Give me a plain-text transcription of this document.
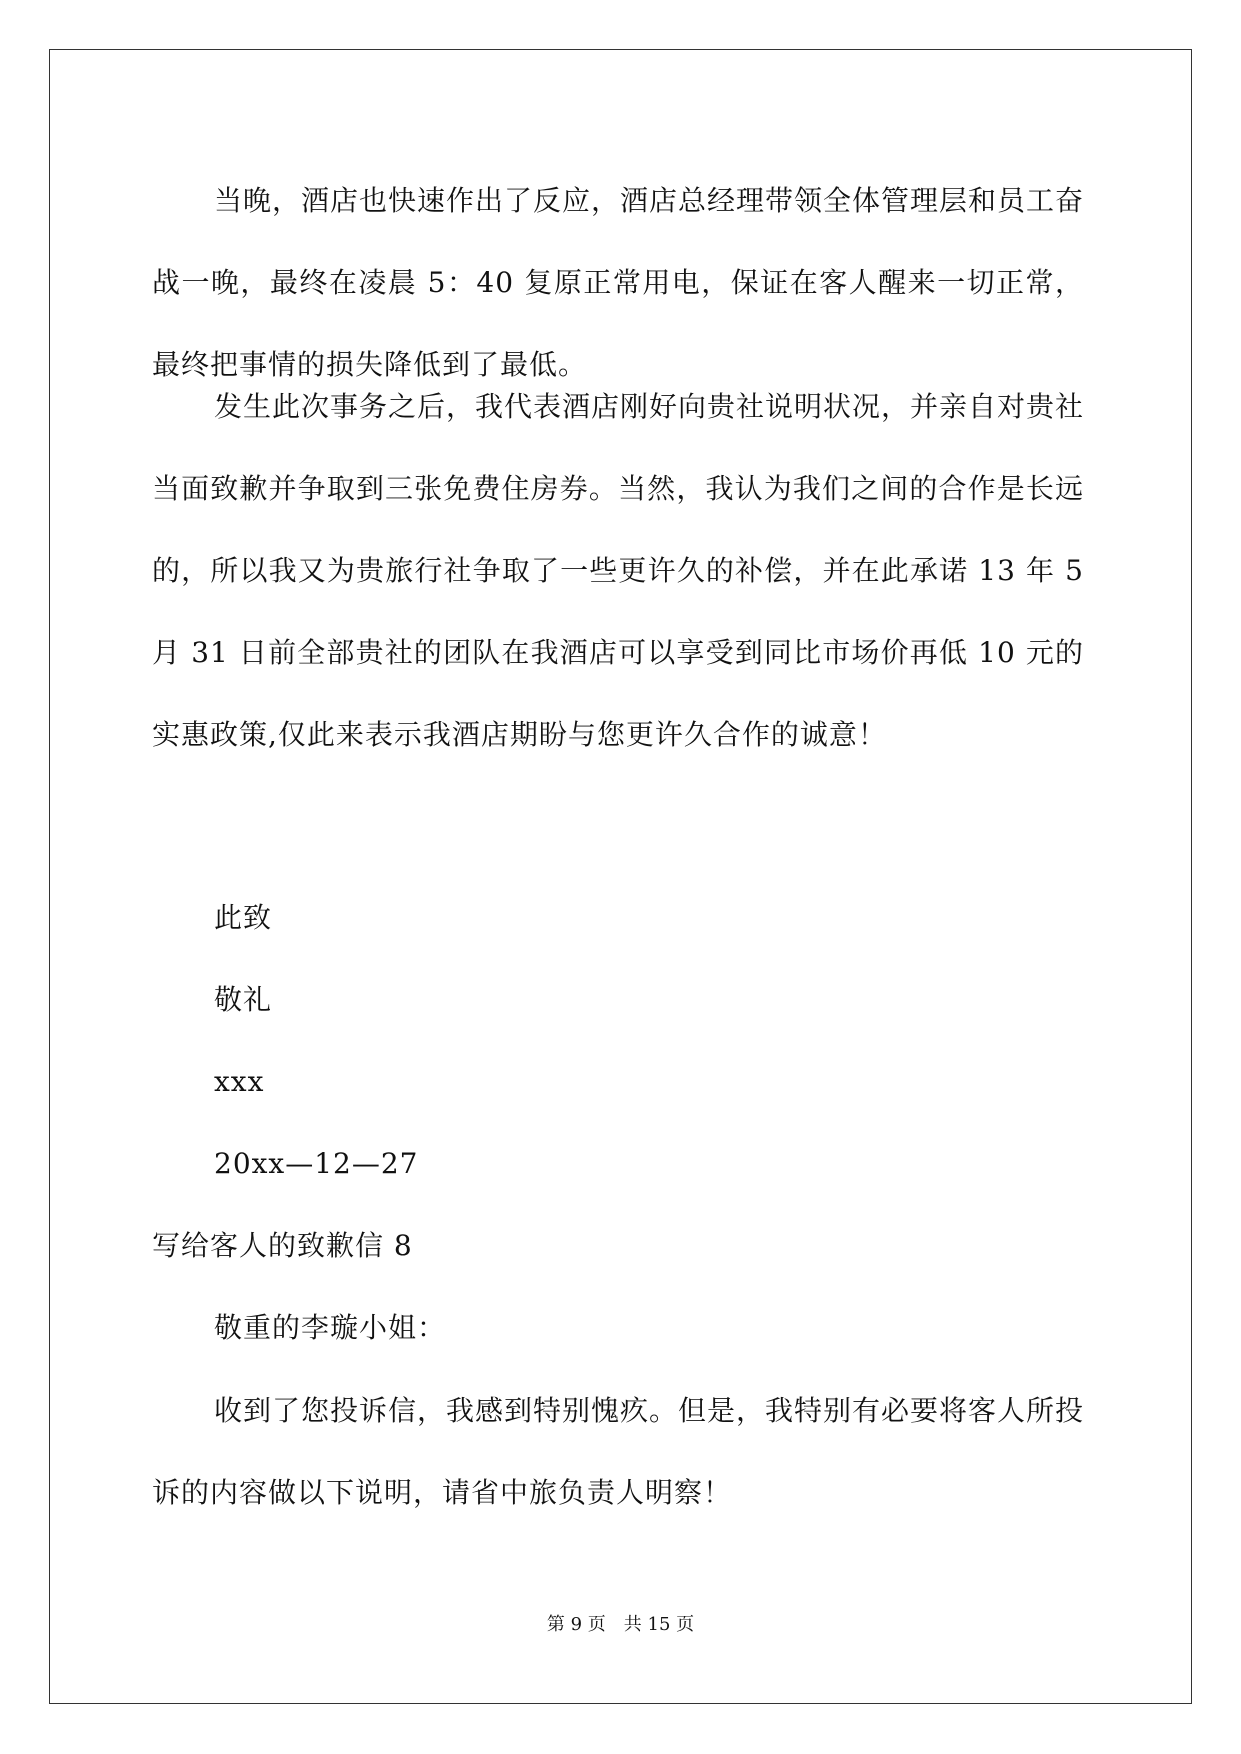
当晚，酒店也快速作出了反应，酒店总经理带领全体管理层和员工奋战一晚，最终在凌晨 5：40 复原正常用电，保证在客人醒来一切正常，最终把事情的损失降低到了最低。

发生此次事务之后，我代表酒店刚好向贵社说明状况，并亲自对贵社当面致歉并争取到三张免费住房券。当然，我认为我们之间的合作是长远的，所以我又为贵旅行社争取了一些更许久的补偿，并在此承诺 13 年 5 月 31 日前全部贵社的团队在我酒店可以享受到同比市场价再低 10 元的实惠政策,仅此来表示我酒店期盼与您更许久合作的诚意！

此致
敬礼
xxx
20xx—12—27
写给客人的致歉信 8
敬重的李璇小姐：

收到了您投诉信，我感到特别愧疚。但是，我特别有必要将客人所投诉的内容做以下说明，请省中旅负责人明察！

第 9 页　共 15 页
